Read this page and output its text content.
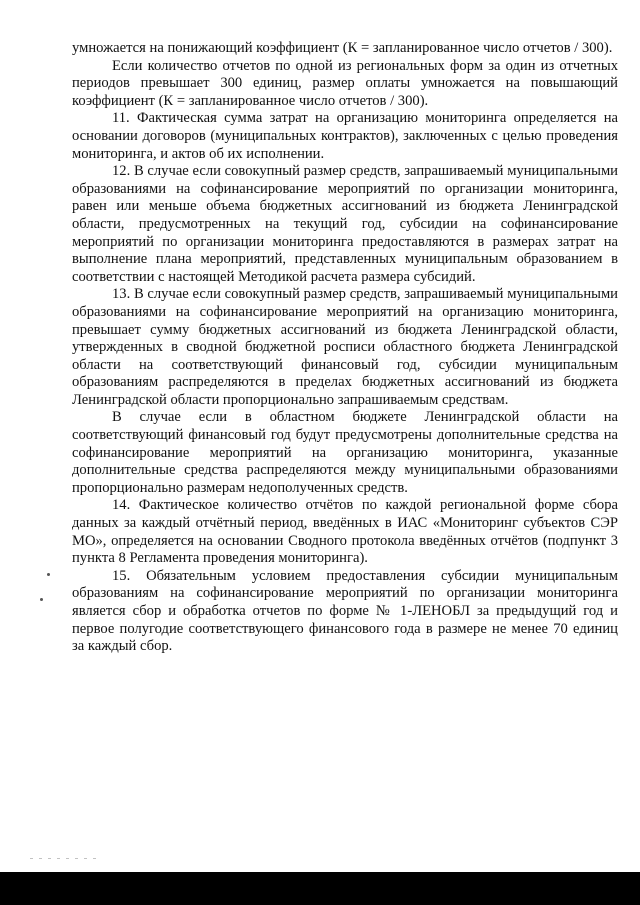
умножается на понижающий коэффициент (К = запланированное число отчетов / 300).

Если количество отчетов по одной из региональных форм за один из отчетных периодов превышает 300 единиц, размер оплаты умножается на повышающий коэффициент (К = запланированное число отчетов / 300).

11. Фактическая сумма затрат на организацию мониторинга определяется на основании договоров (муниципальных контрактов), заключенных с целью проведения мониторинга, и актов об их исполнении.

12. В случае если совокупный размер средств, запрашиваемый муниципальными образованиями на софинансирование мероприятий по организации мониторинга, равен или меньше объема бюджетных ассигнований из бюджета Ленинградской области, предусмотренных на текущий год, субсидии на софинансирование мероприятий по организации мониторинга предоставляются в размерах затрат на выполнение плана мероприятий, представленных муниципальным образованием в соответствии с настоящей Методикой расчета размера субсидий.

13. В случае если совокупный размер средств, запрашиваемый муниципальными образованиями на софинансирование мероприятий на организацию мониторинга, превышает сумму бюджетных ассигнований из бюджета Ленинградской области, утвержденных в сводной бюджетной росписи областного бюджета Ленинградской области на соответствующий финансовый год, субсидии муниципальным образованиям распределяются в пределах бюджетных ассигнований из бюджета Ленинградской области пропорционально запрашиваемым средствам.

В случае если в областном бюджете Ленинградской области на соответствующий финансовый год будут предусмотрены дополнительные средства на софинансирование мероприятий на организацию мониторинга, указанные дополнительные средства распределяются между муниципальными образованиями пропорционально размерам недополученных средств.

14. Фактическое количество отчётов по каждой региональной форме сбора данных за каждый отчётный период, введённых в ИАС «Мониторинг субъектов СЭР МО», определяется на основании Сводного протокола введённых отчётов (подпункт 3 пункта 8 Регламента проведения мониторинга).

15. Обязательным условием предоставления субсидии муниципальным образованиям на софинансирование мероприятий по организации мониторинга является сбор и обработка отчетов по форме № 1-ЛЕНОБЛ за предыдущий год и первое полугодие соответствующего финансового года в размере не менее 70 единиц за каждый сбор.
